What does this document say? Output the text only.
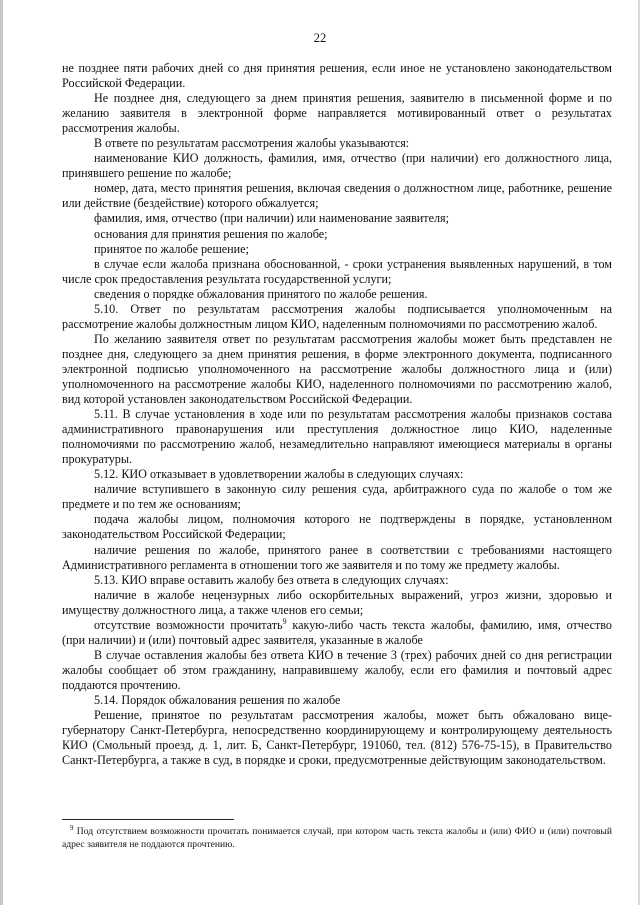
22

не позднее пяти рабочих дней со дня принятия решения, если иное не установлено законодательством Российской Федерации.

Не позднее дня, следующего за днем принятия решения, заявителю в письменной форме и по желанию заявителя в электронной форме направляется мотивированный ответ о результатах рассмотрения жалобы.

В ответе по результатам рассмотрения жалобы указываются:

наименование КИО должность, фамилия, имя, отчество (при наличии) его должностного лица, принявшего решение по жалобе;

номер, дата, место принятия решения, включая сведения о должностном лице, работнике, решение или действие (бездействие) которого обжалуется;

фамилия, имя, отчество (при наличии) или наименование заявителя;

основания для принятия решения по жалобе;

принятое по жалобе решение;

в случае если жалоба признана обоснованной, - сроки устранения выявленных нарушений, в том числе срок предоставления результата государственной услуги;

сведения о порядке обжалования принятого по жалобе решения.

5.10. Ответ по результатам рассмотрения жалобы подписывается уполномоченным на рассмотрение жалобы должностным лицом КИО, наделенным полномочиями по рассмотрению жалоб.

По желанию заявителя ответ по результатам рассмотрения жалобы может быть представлен не позднее дня, следующего за днем принятия решения, в форме электронного документа, подписанного электронной подписью уполномоченного на рассмотрение жалобы должностного лица и (или) уполномоченного на рассмотрение жалобы КИО, наделенного полномочиями по рассмотрению жалоб, вид которой установлен законодательством Российской Федерации.

5.11. В случае установления в ходе или по результатам рассмотрения жалобы признаков состава административного правонарушения или преступления должностное лицо КИО, наделенные полномочиями по рассмотрению жалоб, незамедлительно направляют имеющиеся материалы в органы прокуратуры.

5.12. КИО отказывает в удовлетворении жалобы в следующих случаях:

наличие вступившего в законную силу решения суда, арбитражного суда по жалобе о том же предмете и по тем же основаниям;

подача жалобы лицом, полномочия которого не подтверждены в порядке, установленном законодательством Российской Федерации;

наличие решения по жалобе, принятого ранее в соответствии с требованиями настоящего Административного регламента в отношении того же заявителя и по тому же предмету жалобы.

5.13. КИО вправе оставить жалобу без ответа в следующих случаях:

наличие в жалобе нецензурных либо оскорбительных выражений, угроз жизни, здоровью и имуществу должностного лица, а также членов его семьи;

отсутствие возможности прочитать$^9$ какую-либо часть текста жалобы, фамилию, имя, отчество (при наличии) и (или) почтовый адрес заявителя, указанные в жалобе

В случае оставления жалобы без ответа КИО в течение 3 (трех) рабочих дней со дня регистрации жалобы сообщает об этом гражданину, направившему жалобу, если его фамилия и почтовый адрес поддаются прочтению.

5.14. Порядок обжалования решения по жалобе

Решение, принятое по результатам рассмотрения жалобы, может быть обжаловано вице-губернатору Санкт-Петербурга, непосредственно координирующему и контролирующему деятельность КИО (Смольный проезд, д. 1, лит. Б, Санкт-Петербург, 191060, тел. (812) 576-75-15), в Правительство Санкт-Петербурга, а также в суд, в порядке и сроки, предусмотренные действующим законодательством.

$^9$ Под отсутствием возможности прочитать понимается случай, при котором часть текста жалобы и (или) ФИО и (или) почтовый адрес заявителя не поддаются прочтению.
